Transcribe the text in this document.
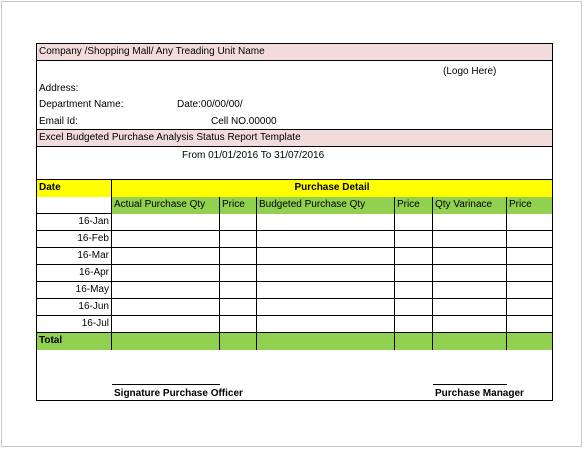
Company /Shopping Mall/ Any Treading Unit Name
(Logo Here)
Address:
Department Name:	Date:00/00/00/
Email Id:	Cell NO.00000
Excel Budgeted Purchase Analysis Status Report Template
From 01/01/2016 To 31/07/2016
Date	Purchase Detail
Actual Purchase Qty	Price	Budgeted Purchase Qty	Price	Qty Varinace	Price
16-Jan
16-Feb
16-Mar
16-Apr
16-May
16-Jun
16-Jul
Total
Signature Purchase Officer	Purchase Manager
